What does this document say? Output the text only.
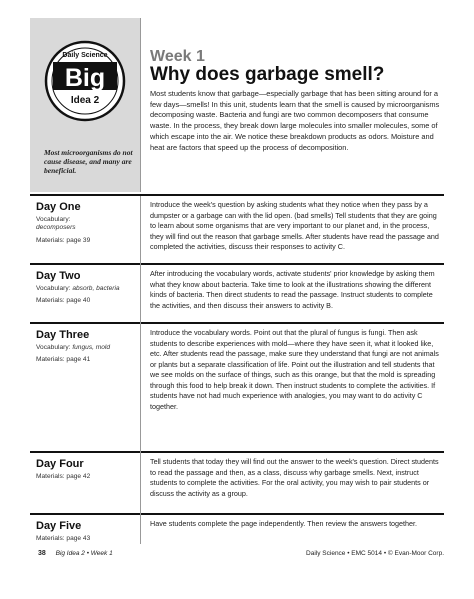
Daily Science
Big
Idea 2
Most microorganisms do not cause disease, and many are beneficial.
Week 1
Why does garbage smell?
Most students know that garbage—especially garbage that has been sitting around for a few days—smells! In this unit, students learn that the smell is caused by microorganisms decomposing waste. Bacteria and fungi are two common decomposers that consume waste. In the process, they break down large molecules into smaller molecules, some of which escape into the air. We notice these breakdown products as odors. Moisture and heat are factors that speed up the process of decomposition.
Day One
Vocabulary:
decomposers
Materials: page 39
Introduce the week's question by asking students what they notice when they pass by a dumpster or a garbage can with the lid open. (bad smells) Tell students that they are going to learn about some organisms that are very important to our planet and, in the process, they will find out the reason that garbage smells. After students have read the passage and completed the activities, discuss their responses to activity C.
Day Two
Vocabulary: absorb, bacteria
Materials: page 40
After introducing the vocabulary words, activate students' prior knowledge by asking them what they know about bacteria. Take time to look at the illustrations showing the different kinds of bacteria. Then direct students to read the passage. Instruct students to complete the activities, and then discuss their answers to activity B.
Day Three
Vocabulary: fungus, mold
Materials: page 41
Introduce the vocabulary words. Point out that the plural of fungus is fungi. Then ask students to describe experiences with mold—where they have seen it, what it looked like, etc. After students read the passage, make sure they understand that fungi are not animals or plants but a separate classification of life. Point out the illustration and tell students that we see molds on the surface of things, such as this orange, but that the mold is spreading through this food to help break it down. Then instruct students to complete the activities. If students have not had much experience with analogies, you may want to do activity C together.
Day Four
Materials: page 42
Tell students that today they will find out the answer to the week's question. Direct students to read the passage and then, as a class, discuss why garbage smells. Next, instruct students to complete the activities. For the oral activity, you may wish to pair students or discuss the activity as a group.
Day Five
Materials: page 43
Have students complete the page independently. Then review the answers together.
38 Big Idea 2 • Week 1	Daily Science • EMC 5014 • © Evan-Moor Corp.
